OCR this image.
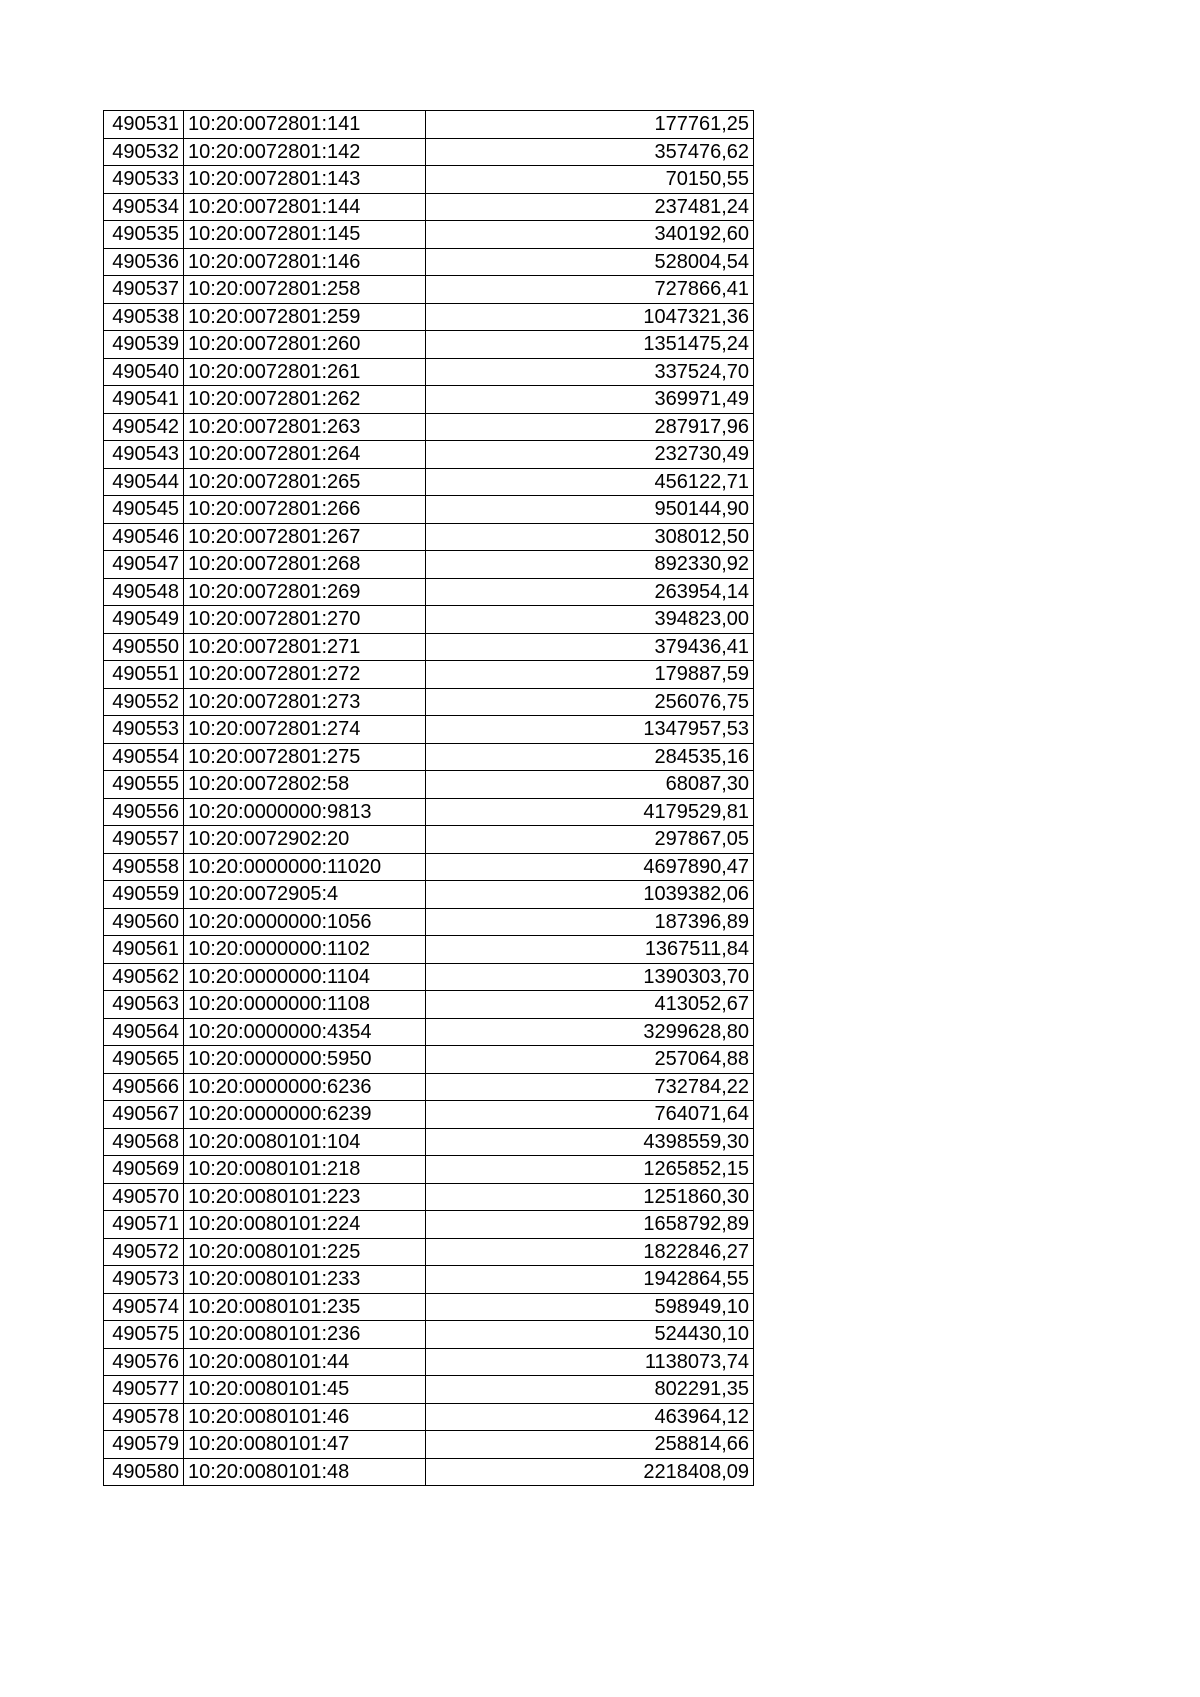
490531	10:20:0072801:141	177761,25
490532	10:20:0072801:142	357476,62
490533	10:20:0072801:143	70150,55
490534	10:20:0072801:144	237481,24
490535	10:20:0072801:145	340192,60
490536	10:20:0072801:146	528004,54
490537	10:20:0072801:258	727866,41
490538	10:20:0072801:259	1047321,36
490539	10:20:0072801:260	1351475,24
490540	10:20:0072801:261	337524,70
490541	10:20:0072801:262	369971,49
490542	10:20:0072801:263	287917,96
490543	10:20:0072801:264	232730,49
490544	10:20:0072801:265	456122,71
490545	10:20:0072801:266	950144,90
490546	10:20:0072801:267	308012,50
490547	10:20:0072801:268	892330,92
490548	10:20:0072801:269	263954,14
490549	10:20:0072801:270	394823,00
490550	10:20:0072801:271	379436,41
490551	10:20:0072801:272	179887,59
490552	10:20:0072801:273	256076,75
490553	10:20:0072801:274	1347957,53
490554	10:20:0072801:275	284535,16
490555	10:20:0072802:58	68087,30
490556	10:20:0000000:9813	4179529,81
490557	10:20:0072902:20	297867,05
490558	10:20:0000000:11020	4697890,47
490559	10:20:0072905:4	1039382,06
490560	10:20:0000000:1056	187396,89
490561	10:20:0000000:1102	1367511,84
490562	10:20:0000000:1104	1390303,70
490563	10:20:0000000:1108	413052,67
490564	10:20:0000000:4354	3299628,80
490565	10:20:0000000:5950	257064,88
490566	10:20:0000000:6236	732784,22
490567	10:20:0000000:6239	764071,64
490568	10:20:0080101:104	4398559,30
490569	10:20:0080101:218	1265852,15
490570	10:20:0080101:223	1251860,30
490571	10:20:0080101:224	1658792,89
490572	10:20:0080101:225	1822846,27
490573	10:20:0080101:233	1942864,55
490574	10:20:0080101:235	598949,10
490575	10:20:0080101:236	524430,10
490576	10:20:0080101:44	1138073,74
490577	10:20:0080101:45	802291,35
490578	10:20:0080101:46	463964,12
490579	10:20:0080101:47	258814,66
490580	10:20:0080101:48	2218408,09
